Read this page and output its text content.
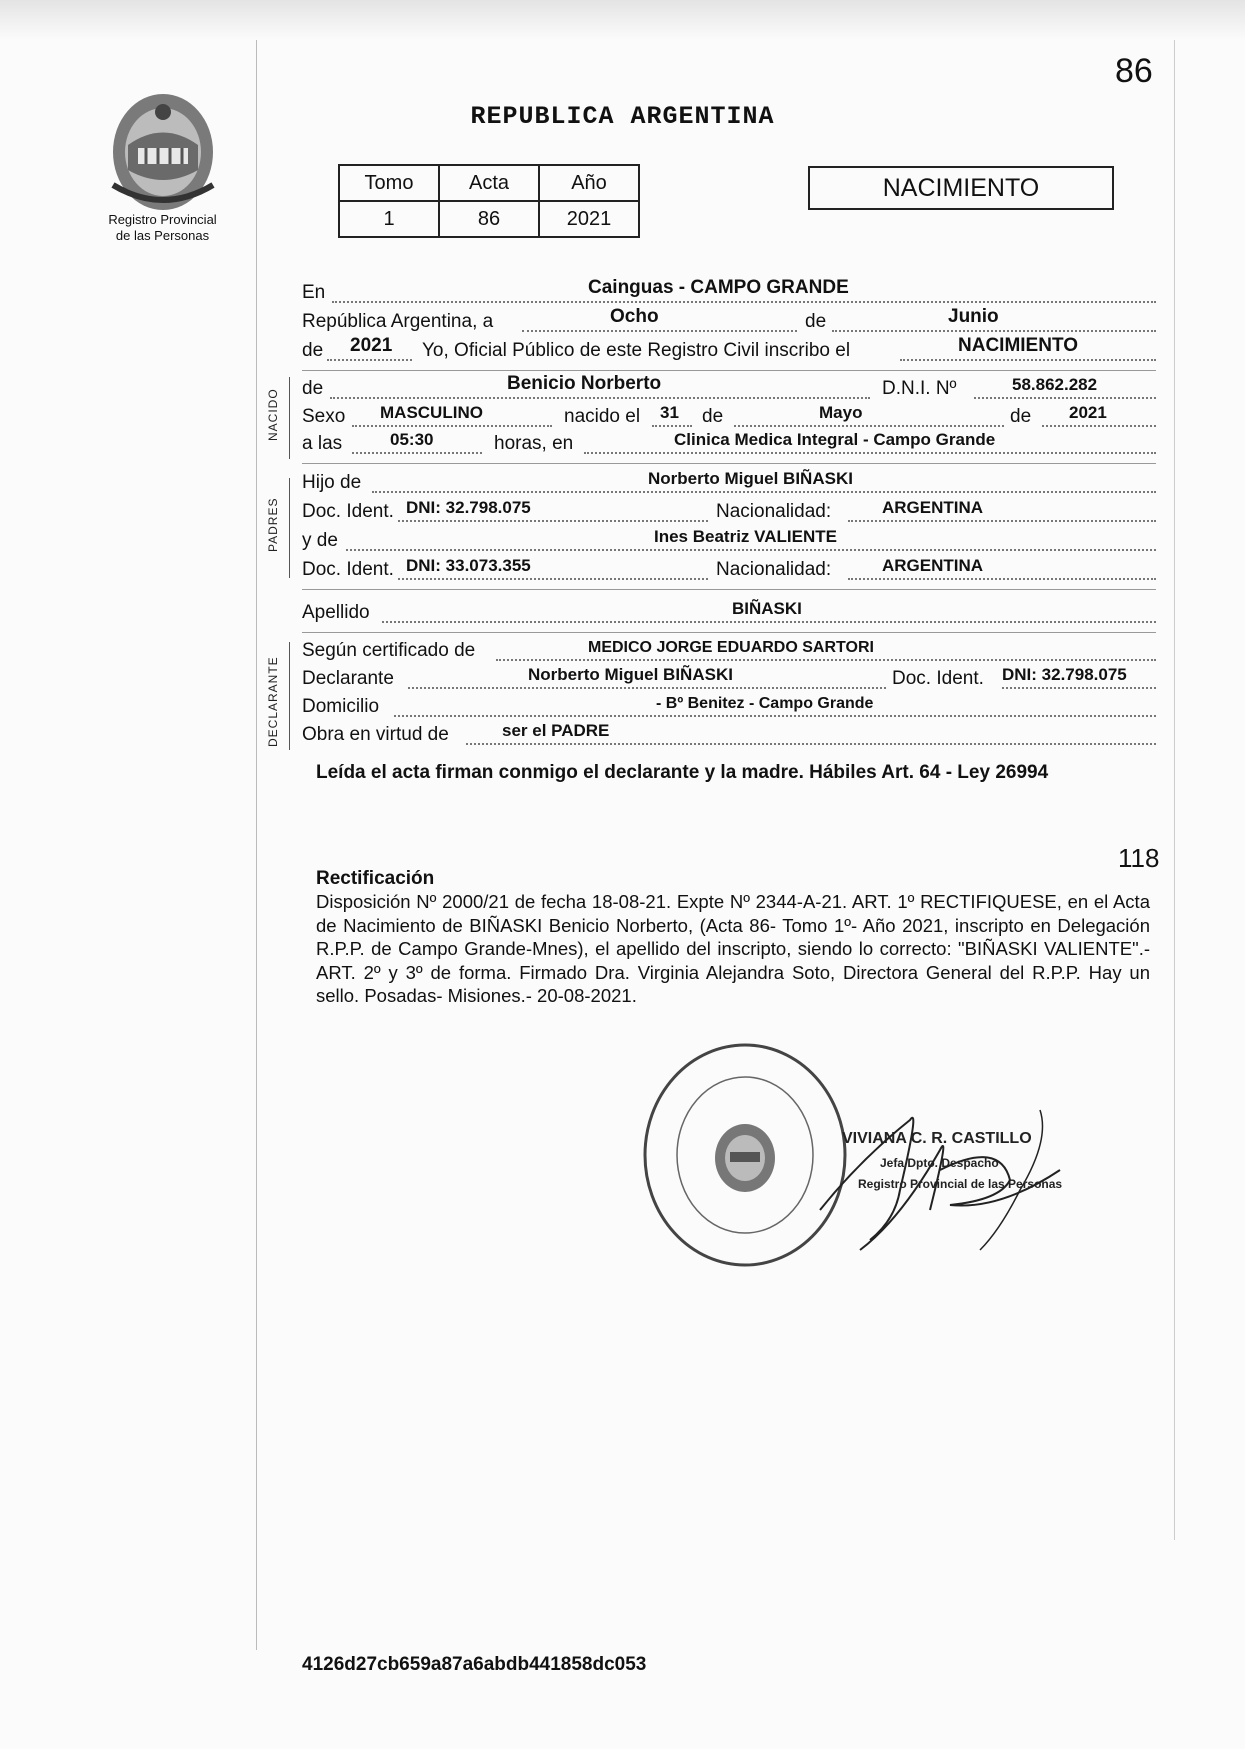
86
Registro Provincial
de las Personas
REPUBLICA ARGENTINA
Tomo	Acta	Año
1	86	2021
NACIMIENTO
NACIDO
PADRES
DECLARANTE
En	Cainguas - CAMPO GRANDE
República Argentina, a	Ocho	de	Junio
de 2021 Yo, Oficial Público de este Registro Civil inscribo el	NACIMIENTO
de	Benicio Norberto	D.N.I. Nº	58.862.282
Sexo MASCULINO	nacido el 31 de	Mayo	de 2021
a las	05:30	horas, en	Clinica Medica Integral - Campo Grande
Hijo de	Norberto Miguel BIÑASKI
Doc. Ident. DNI: 32.798.075	Nacionalidad:	ARGENTINA
y de	Ines Beatriz VALIENTE
Doc. Ident. DNI: 33.073.355	Nacionalidad:	ARGENTINA
Apellido	BIÑASKI
Según certificado de	MEDICO JORGE EDUARDO SARTORI
Declarante	Norberto Miguel BIÑASKI	Doc. Ident. DNI: 32.798.075
Domicilio	- Bº Benitez - Campo Grande
Obra en virtud de	ser el PADRE
Leída el acta firman conmigo el declarante y la madre. Hábiles Art. 64 - Ley 26994
118
Rectificación
Disposición Nº 2000/21 de fecha 18-08-21. Expte Nº 2344-A-21. ART. 1º RECTIFIQUESE, en el Acta de Nacimiento de BIÑASKI Benicio Norberto, (Acta 86- Tomo 1º- Año 2021, inscripto en Delegación R.P.P. de Campo Grande-Mnes), el apellido del inscripto, siendo lo correcto: "BIÑASKI VALIENTE".- ART. 2º y 3º de forma. Firmado Dra. Virginia Alejandra Soto, Directora General del R.P.P. Hay un sello. Posadas- Misiones.- 20-08-2021.
VIVIANA C. R. CASTILLO
Jefa Dpto. Despacho
Registro Provincial de las Personas
4126d27cb659a87a6abdb441858dc053
